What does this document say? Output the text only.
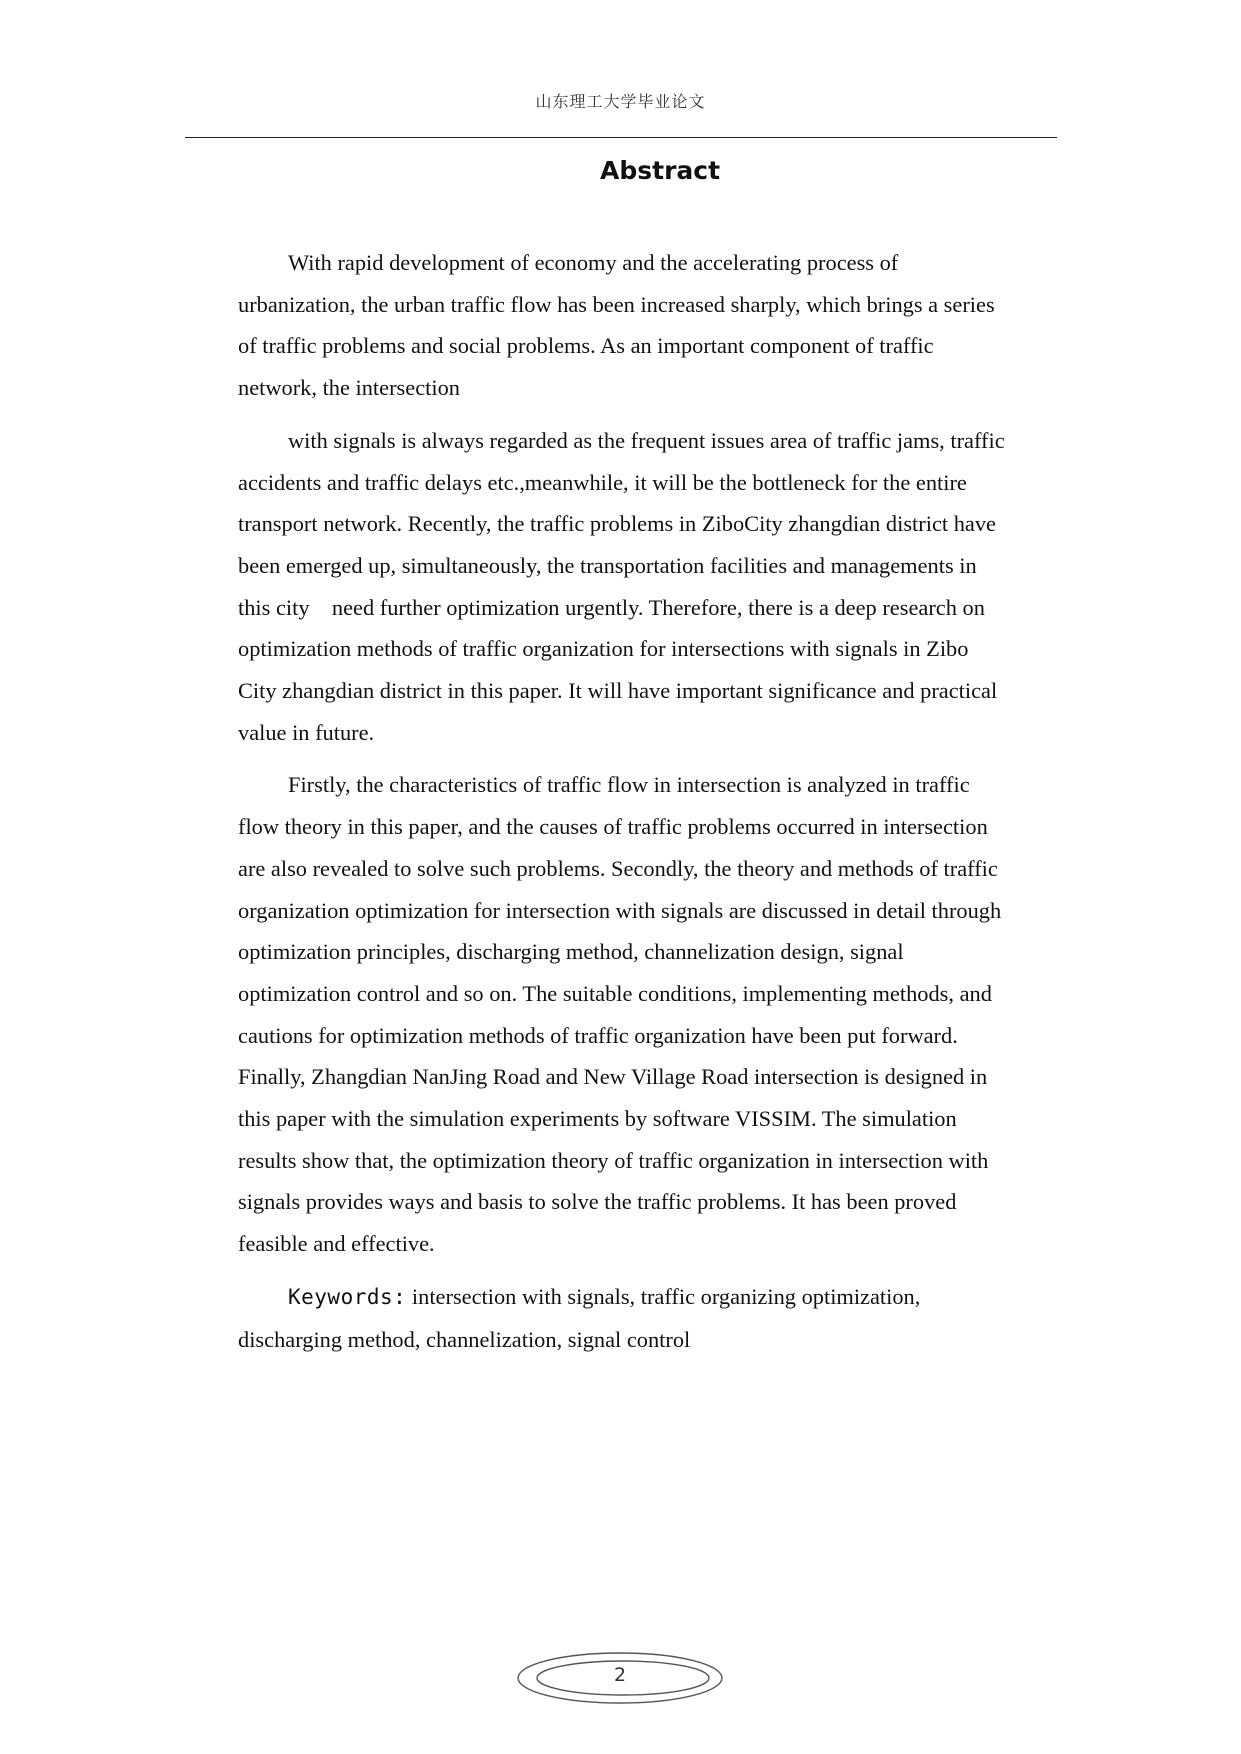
山东理工大学毕业论文
Abstract

With rapid development of economy and the accelerating process of
urbanization, the urban traffic flow has been increased sharply, which brings a series
of traffic problems and social problems. As an important component of traffic
network, the intersection

with signals is always regarded as the frequent issues area of traffic jams, traffic
accidents and traffic delays etc.,meanwhile, it will be the bottleneck for the entire
transport network. Recently, the traffic problems in ZiboCity zhangdian district have
been emerged up, simultaneously, the transportation facilities and managements in
this city    need further optimization urgently. Therefore, there is a deep research on
optimization methods of traffic organization for intersections with signals in Zibo
City zhangdian district in this paper. It will have important significance and practical
value in future.

Firstly, the characteristics of traffic flow in intersection is analyzed in traffic
flow theory in this paper, and the causes of traffic problems occurred in intersection
are also revealed to solve such problems. Secondly, the theory and methods of traffic
organization optimization for intersection with signals are discussed in detail through
optimization principles, discharging method, channelization design, signal
optimization control and so on. The suitable conditions, implementing methods, and
cautions for optimization methods of traffic organization have been put forward.
Finally, Zhangdian NanJing Road and New Village Road intersection is designed in
this paper with the simulation experiments by software VISSIM. The simulation
results show that, the optimization theory of traffic organization in intersection with
signals provides ways and basis to solve the traffic problems. It has been proved
feasible and effective.

Keywords: intersection with signals, traffic organizing optimization,
discharging method, channelization, signal control

2
